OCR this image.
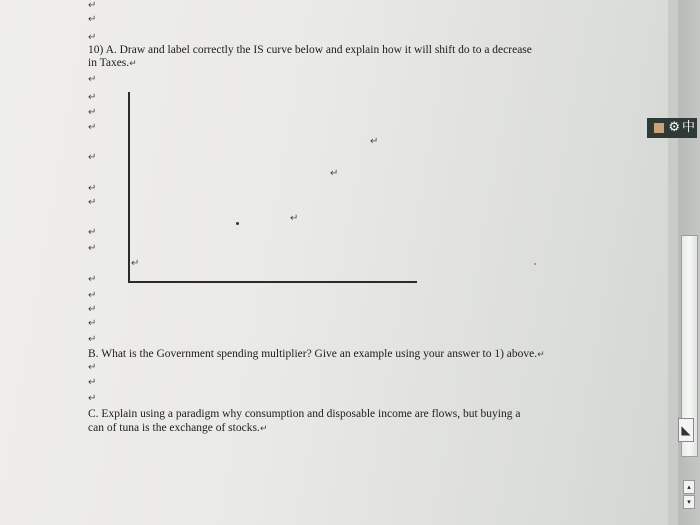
↵
↵
↵
10) A. Draw and label correctly the IS curve below and explain how it will shift do to a decrease
in Taxes.↵
↵
↵
↵
↵
↵
↵
↵
↵
↵
↵
↵
↵
↵
↵
↵
↵
↵
↵
B. What is the Government spending multiplier? Give an example using your answer to 1) above.↵
↵
↵
↵
C. Explain using a paradigm why consumption and disposable income are flows, but buying a
can of tuna is the exchange of stocks.↵	◣
▴
▾
⚙ 中
